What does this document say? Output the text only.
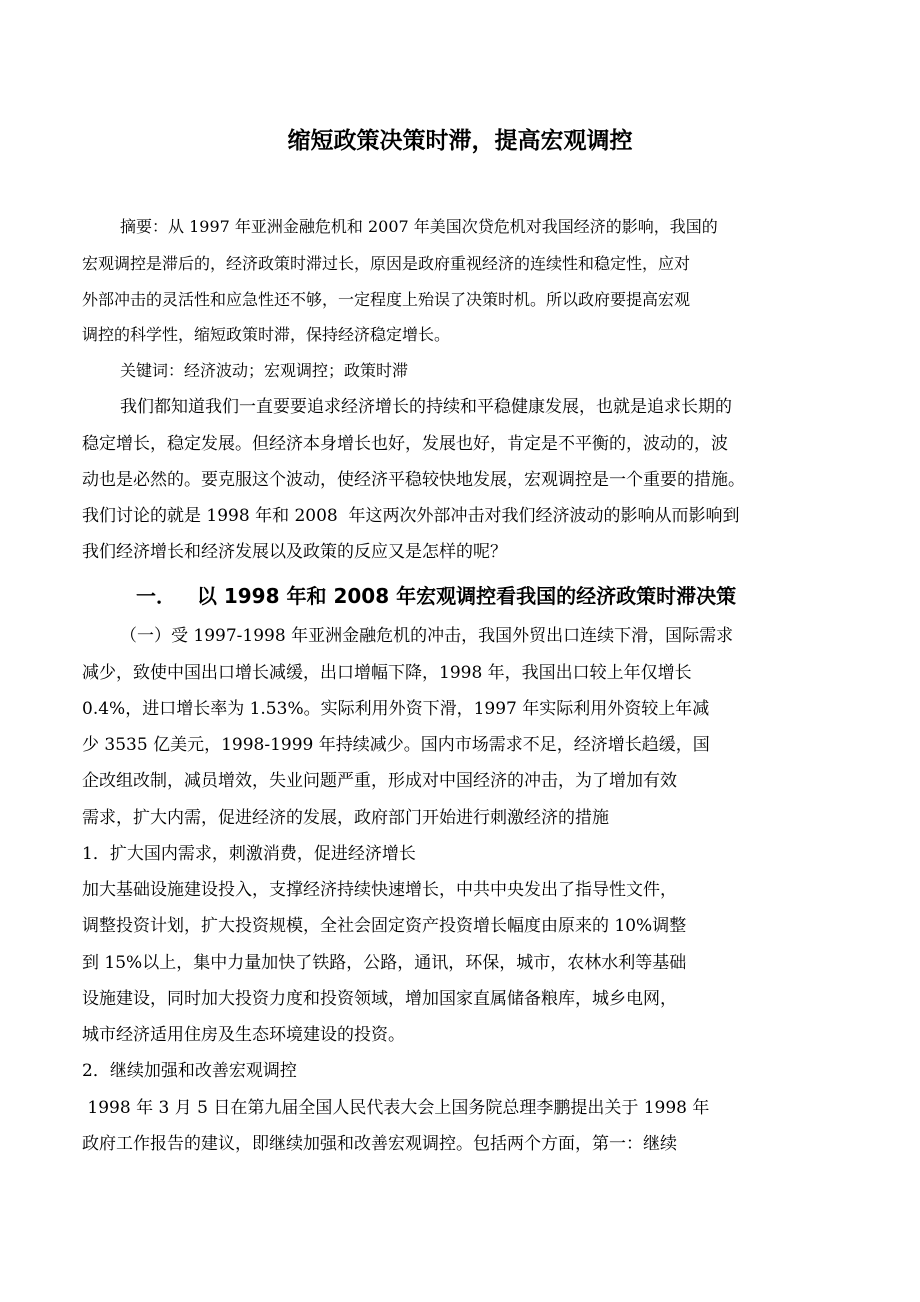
缩短政策决策时滞，提高宏观调控
摘要：从 1997 年亚洲金融危机和 2007 年美国次贷危机对我国经济的影响，我国的
宏观调控是滞后的，经济政策时滞过长，原因是政府重视经济的连续性和稳定性，应对
外部冲击的灵活性和应急性还不够，一定程度上殆误了决策时机。所以政府要提高宏观
调控的科学性，缩短政策时滞，保持经济稳定增长。
关键词：经济波动；宏观调控；政策时滞
我们都知道我们一直要要追求经济增长的持续和平稳健康发展，也就是追求长期的
稳定增长，稳定发展。但经济本身增长也好，发展也好，肯定是不平衡的，波动的，波
动也是必然的。要克服这个波动，使经济平稳较快地发展，宏观调控是一个重要的措施。
我们讨论的就是 1998 年和 2008  年这两次外部冲击对我们经济波动的影响从而影响到
我们经济增长和经济发展以及政策的反应又是怎样的呢？
一．   以 1998 年和 2008 年宏观调控看我国的经济政策时滞决策
（一）受 1997-1998 年亚洲金融危机的冲击，我国外贸出口连续下滑，国际需求
减少，致使中国出口增长减缓，出口增幅下降，1998 年，我国出口较上年仅增长
0.4%，进口增长率为 1.53%。实际利用外资下滑，1997 年实际利用外资较上年减
少 3535 亿美元，1998-1999 年持续减少。国内市场需求不足，经济增长趋缓，国
企改组改制，减员增效，失业问题严重，形成对中国经济的冲击，为了增加有效
需求，扩大内需，促进经济的发展，政府部门开始进行刺激经济的措施
1．扩大国内需求，刺激消费，促进经济增长
加大基础设施建设投入，支撑经济持续快速增长，中共中央发出了指导性文件，
调整投资计划，扩大投资规模，全社会固定资产投资增长幅度由原来的 10%调整
到 15%以上，集中力量加快了铁路，公路，通讯，环保，城市，农林水利等基础
设施建设，同时加大投资力度和投资领域，增加国家直属储备粮库，城乡电网，
城市经济适用住房及生态环境建设的投资。
2．继续加强和改善宏观调控
1998 年 3 月 5 日在第九届全国人民代表大会上国务院总理李鹏提出关于 1998 年
政府工作报告的建议，即继续加强和改善宏观调控。包括两个方面，第一：继续
